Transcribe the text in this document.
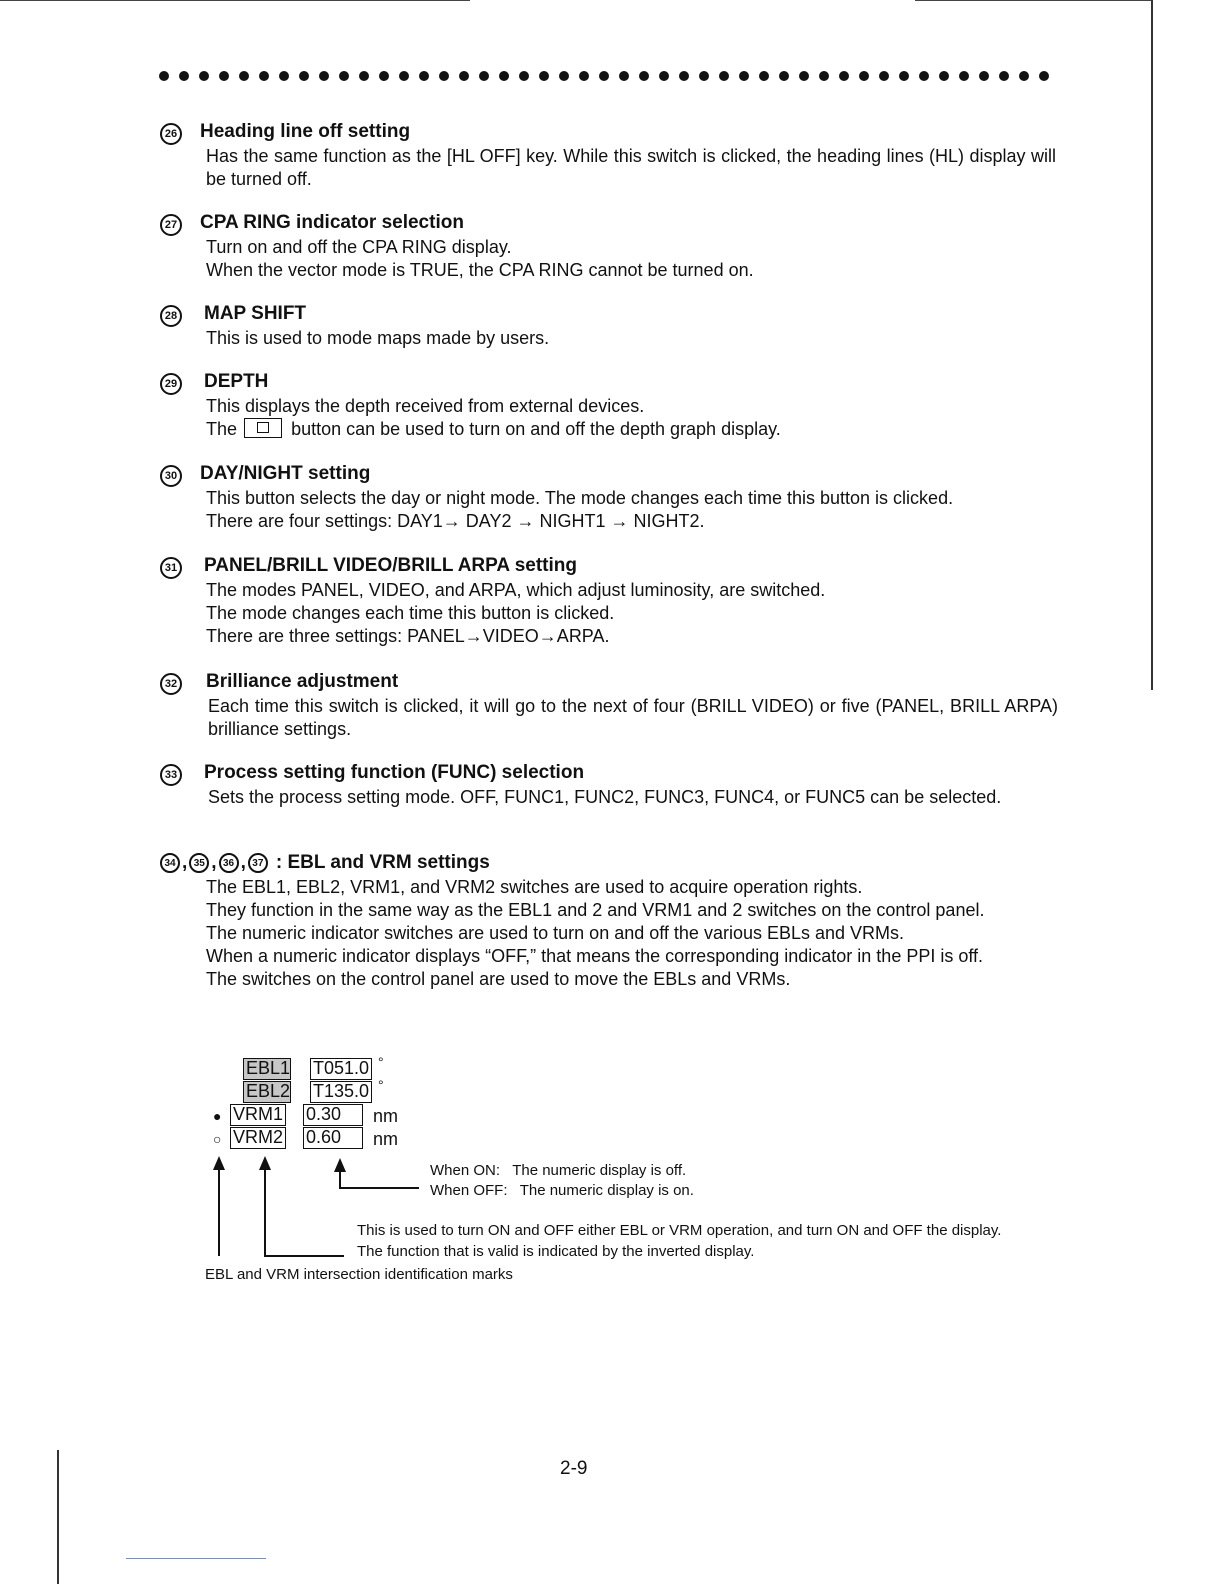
26 Heading line off setting

Has the same function as the [HL OFF] key. While this switch is clicked, the heading lines (HL) display will be turned off.

27 CPA RING indicator selection

Turn on and off the CPA RING display.

When the vector mode is TRUE, the CPA RING cannot be turned on.

28 MAP SHIFT

This is used to mode maps made by users.

29 DEPTH

This displays the depth received from external devices.

The	button can be used to turn on and off the depth graph display.

30 DAY/NIGHT setting

This button selects the day or night mode. The mode changes each time this button is clicked.

There are four settings: DAY1→ DAY2 → NIGHT1 → NIGHT2.

31 PANEL/BRILL VIDEO/BRILL ARPA setting

The modes PANEL, VIDEO, and ARPA, which adjust luminosity, are switched.

The mode changes each time this button is clicked.

There are three settings: PANEL→VIDEO→ARPA.

32 Brilliance adjustment

Each time this switch is clicked, it will go to the next of four (BRILL VIDEO) or five (PANEL, BRILL ARPA) brilliance settings.

33 Process setting function (FUNC) selection

Sets the process setting mode. OFF, FUNC1, FUNC2, FUNC3, FUNC4, or FUNC5 can be selected.

34 , 35 , 36 , 37 : EBL and VRM settings

The EBL1, EBL2, VRM1, and VRM2 switches are used to acquire operation rights.

They function in the same way as the EBL1 and 2 and VRM1 and 2 switches on the control panel.

The numeric indicator switches are used to turn on and off the various EBLs and VRMs.

When a numeric indicator displays “OFF,” that means the corresponding indicator in the PPI is off.

The switches on the control panel are used to move the EBLs and VRMs.

EBL1 T051.0 °
EBL2 T135.0 °
● VRM1 0.30	nm
○ VRM2 0.60	nm
When ON: The numeric display is off.
When OFF: The numeric display is on.
This is used to turn ON and OFF either EBL or VRM operation, and turn ON and OFF the display.
The function that is valid is indicated by the inverted display.
EBL and VRM intersection identification marks
2-9
